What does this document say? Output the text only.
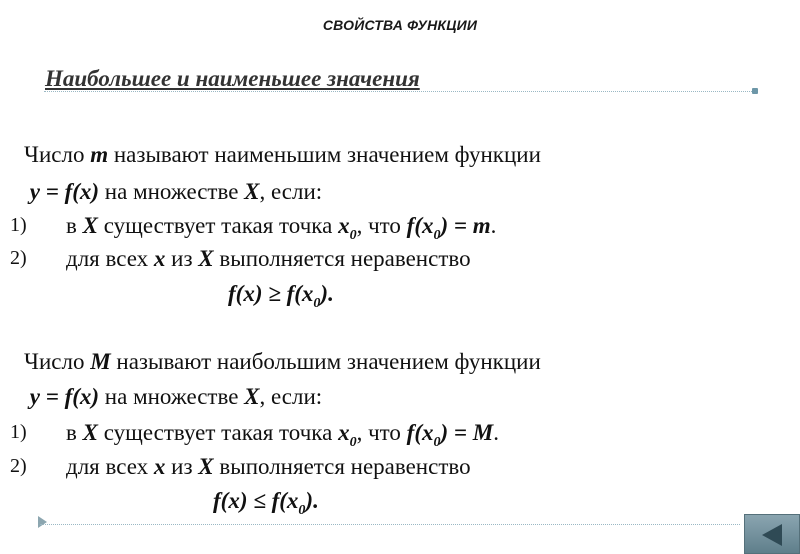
СВОЙСТВА ФУНКЦИИ
Наибольшее и наименьшее значения
Число m называют наименьшим значением функции
y = f(x) на множестве X, если:
1) в X существует такая точка $x_0$, что $f(x_0) = m$.
2) для всех x из X выполняется неравенство
$f(x) \ge f(x_0)$.
Число M называют наибольшим значением функции
y = f(x) на множестве X, если:
1) в X существует такая точка $x_0$, что $f(x_0) = M$.
2) для всех x из X выполняется неравенство
$f(x) \le f(x_0)$.
